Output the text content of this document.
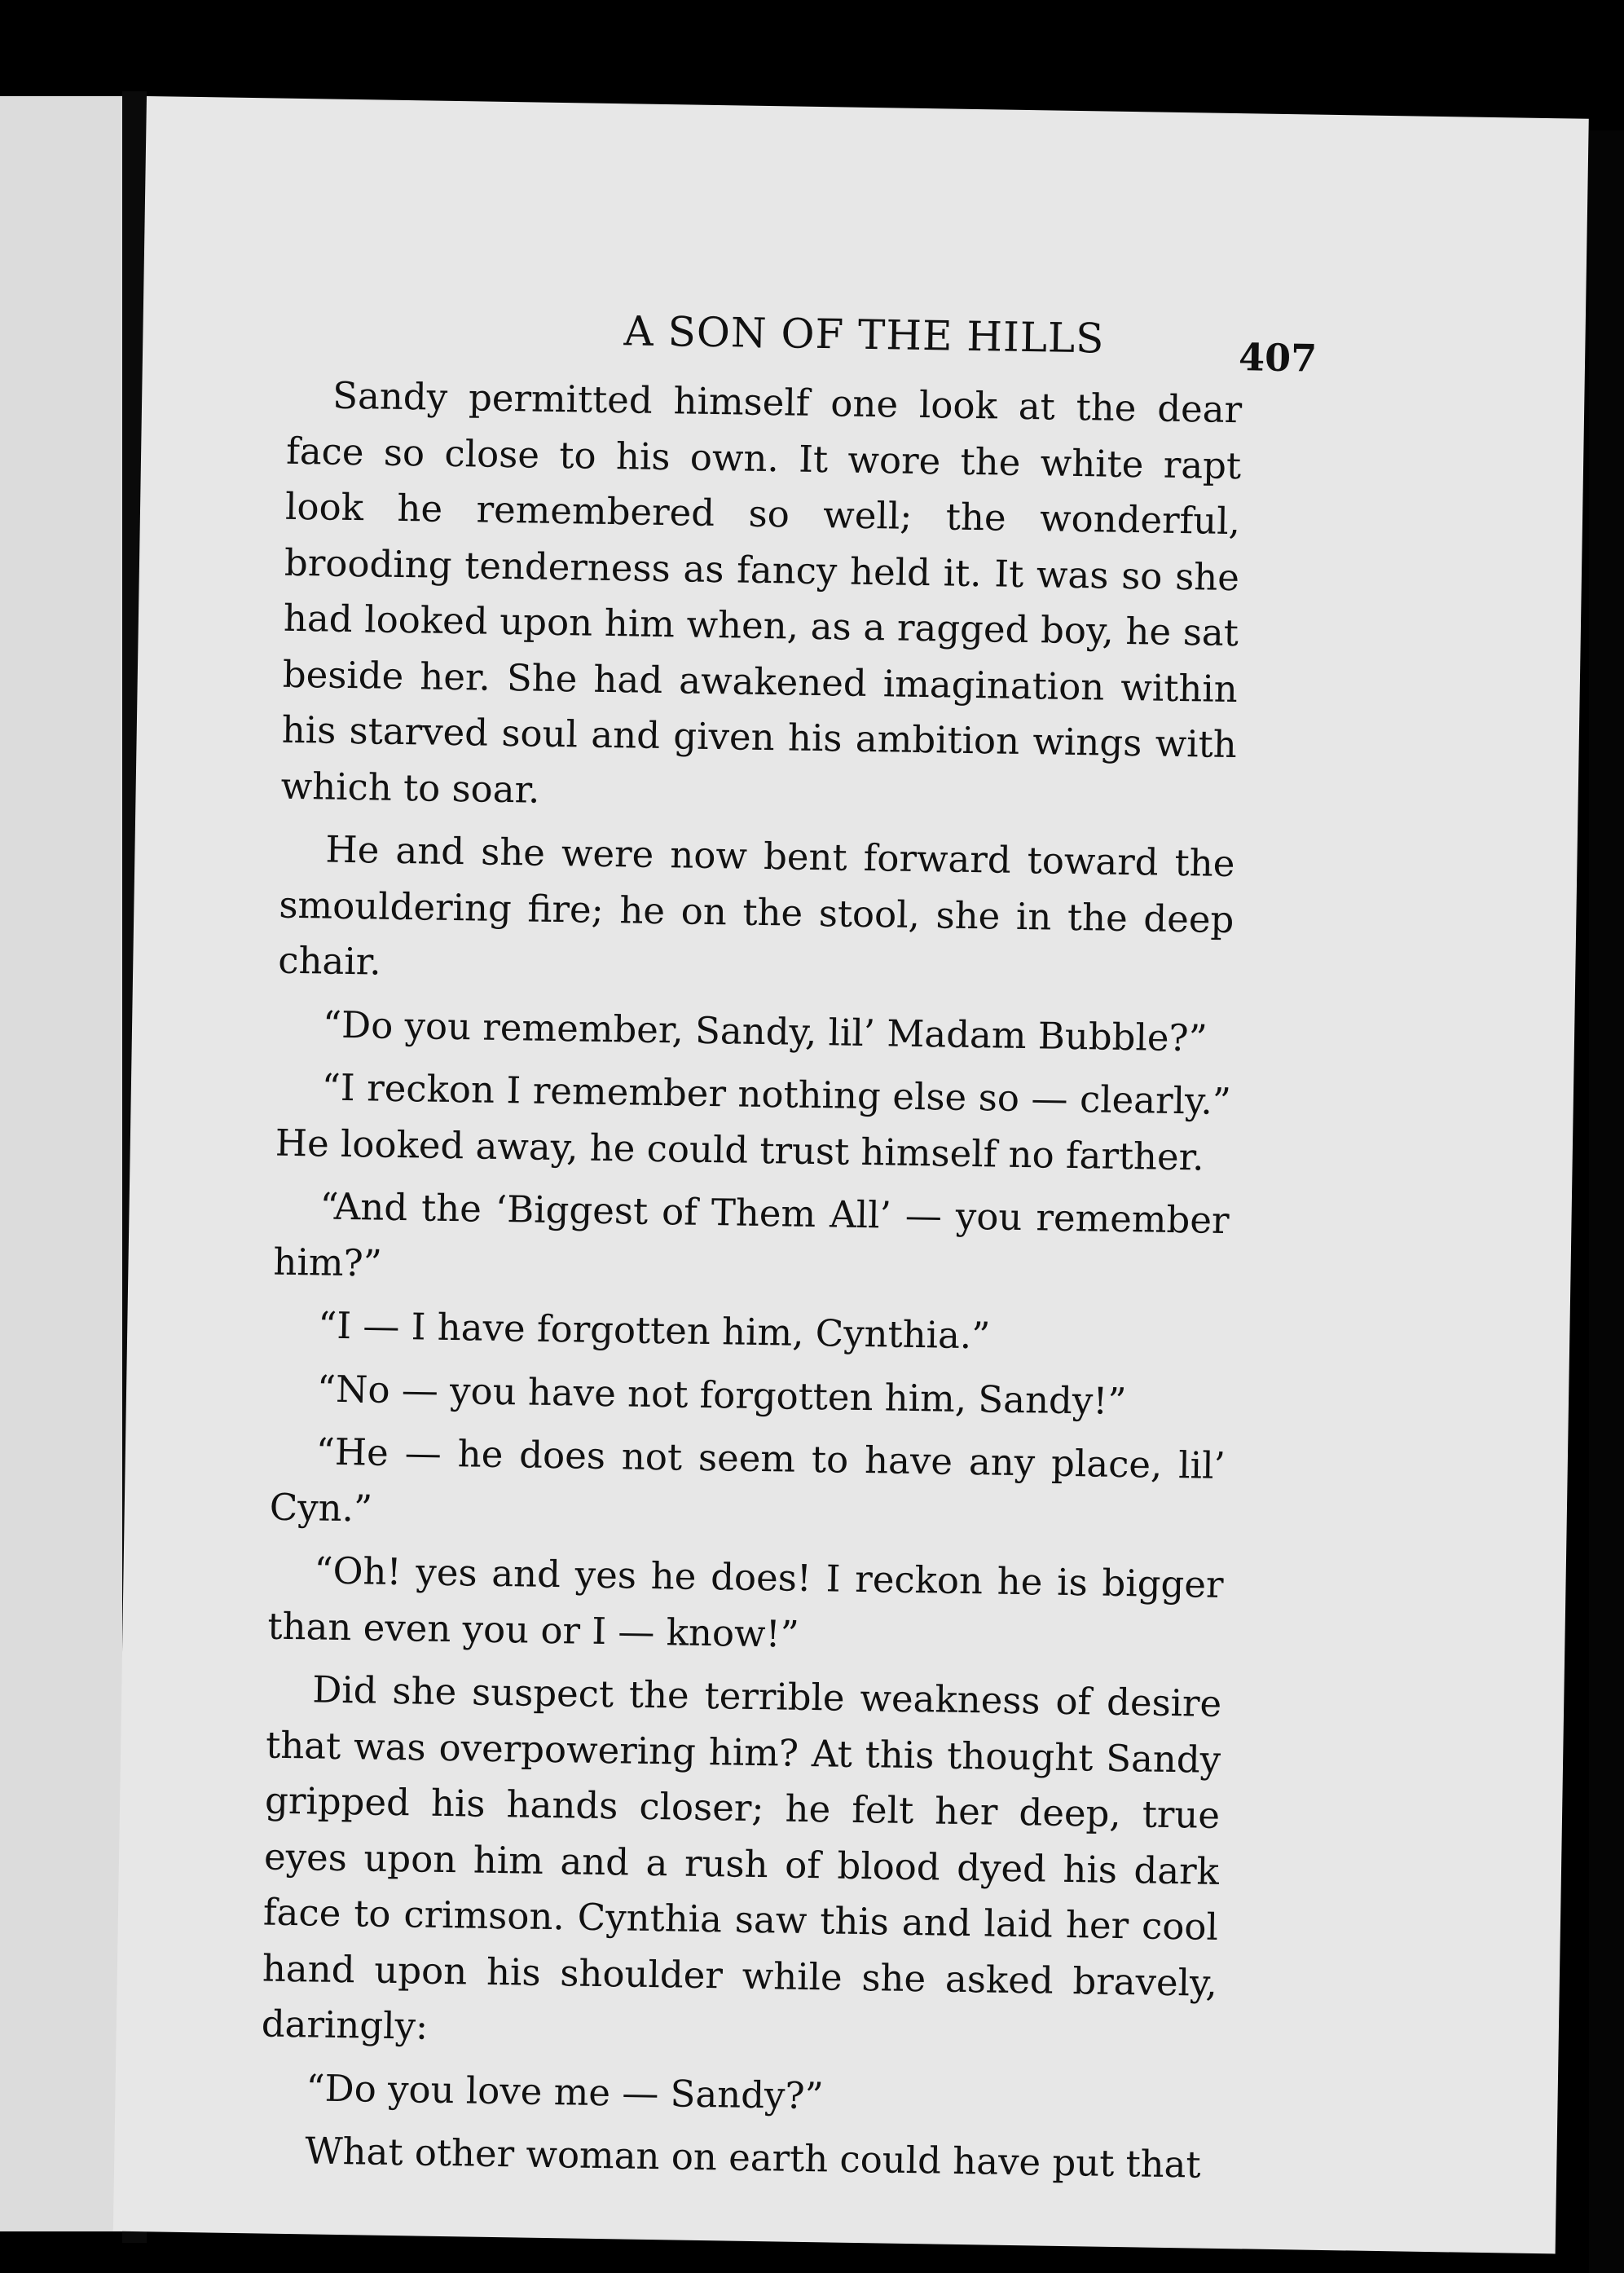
A SON OF THE HILLS	407

Sandy permitted himself one look at the dear face so close to his own. It wore the white rapt look he remembered so well; the wonderful, brooding tenderness as fancy held it. It was so she had looked upon him when, as a ragged boy, he sat beside her. She had awakened imagination within his starved soul and given his ambition wings with which to soar.

He and she were now bent forward toward the smouldering fire; he on the stool, she in the deep chair.

“Do you remember, Sandy, lil’ Madam Bubble?”

“I reckon I remember nothing else so — clearly.” He looked away, he could trust himself no farther.

“And the ‘Biggest of Them All’ — you remember him?”

“I — I have forgotten him, Cynthia.”

“No — you have not forgotten him, Sandy!”

“He — he does not seem to have any place, lil’ Cyn.”

“Oh! yes and yes he does! I reckon he is bigger than even you or I — know!”

Did she suspect the terrible weakness of desire that was overpowering him? At this thought Sandy gripped his hands closer; he felt her deep, true eyes upon him and a rush of blood dyed his dark face to crimson. Cynthia saw this and laid her cool hand upon his shoulder while she asked bravely, daringly:

“Do you love me — Sandy?”

What other woman on earth could have put that
